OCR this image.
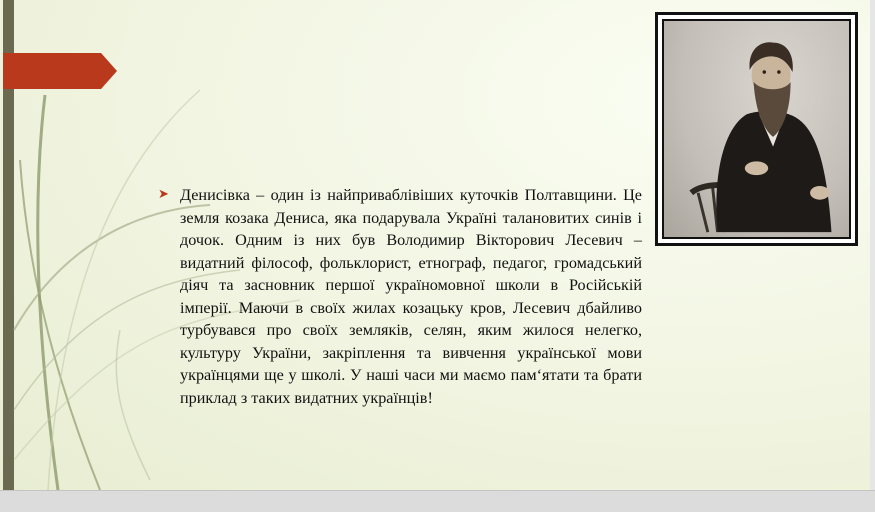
➤ Денисівка – один із найприваблівіших куточків Полтавщини. Це земля козака Дениса, яка подарувала Україні талановитих синів і дочок. Одним із них був Володимир Вікторович Лесевич – видатний філософ, фольклорист, етнограф, педагог, громадський діяч та засновник першої україномовної школи в Російській імперії. Маючи в своїх жилах козацьку кров, Лесевич дбайливо турбувався про своїх земляків, селян, яким жилося нелегко, культуру України, закріплення та вивчення української мови українцями ще у школі. У наші часи ми маємо пам‘ятати та брати приклад з таких видатних українців!
